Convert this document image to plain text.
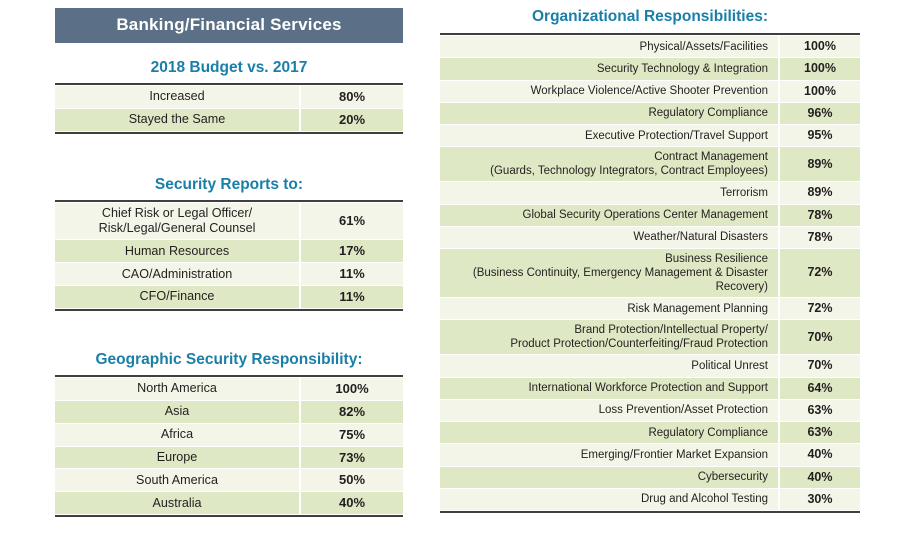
Banking/Financial Services
2018 Budget vs. 2017
Increased	80%
Stayed the Same	20%
Security Reports to:
Chief Risk or Legal Officer/
Risk/Legal/General Counsel	61%
Human Resources	17%
CAO/Administration	11%
CFO/Finance	11%
Geographic Security Responsibility:
North America	100%
Asia	82%
Africa	75%
Europe	73%
South America	50%
Australia	40%
Organizational Responsibilities:
Physical/Assets/Facilities	100%
Security Technology & Integration	100%
Workplace Violence/Active Shooter Prevention	100%
Regulatory Compliance	96%
Executive Protection/Travel Support	95%
Contract Management
(Guards, Technology Integrators, Contract Employees)	89%
Terrorism	89%
Global Security Operations Center Management	78%
Weather/Natural Disasters	78%
Business Resilience
(Business Continuity, Emergency Management & Disaster Recovery)	72%
Risk Management Planning	72%
Brand Protection/Intellectual Property/
Product Protection/Counterfeiting/Fraud Protection	70%
Political Unrest	70%
International Workforce Protection and Support	64%
Loss Prevention/Asset Protection	63%
Regulatory Compliance	63%
Emerging/Frontier Market Expansion	40%
Cybersecurity	40%
Drug and Alcohol Testing	30%
